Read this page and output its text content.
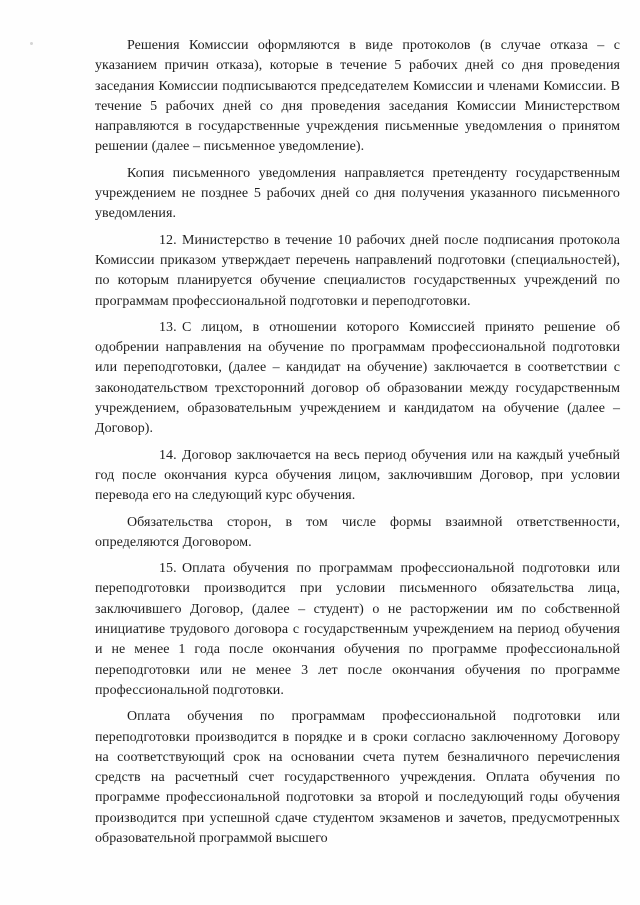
Решения Комиссии оформляются в виде протоколов (в случае отказа – с указанием причин отказа), которые в течение 5 рабочих дней со дня проведения заседания Комиссии подписываются председателем Комиссии и членами Комиссии. В течение 5 рабочих дней со дня проведения заседания Комиссии Министерством направляются в государственные учреждения письменные уведомления о принятом решении (далее – письменное уведомление).

Копия письменного уведомления направляется претенденту государственным учреждением не позднее 5 рабочих дней со дня получения указанного письменного уведомления.

12. Министерство в течение 10 рабочих дней после подписания протокола Комиссии приказом утверждает перечень направлений подготовки (специальностей), по которым планируется обучение специалистов государственных учреждений по программам профессиональной подготовки и переподготовки.

13. С лицом, в отношении которого Комиссией принято решение об одобрении направления на обучение по программам профессиональной подготовки или переподготовки, (далее – кандидат на обучение) заключается в соответствии с законодательством трехсторонний договор об образовании между государственным учреждением, образовательным учреждением и кандидатом на обучение (далее – Договор).

14. Договор заключается на весь период обучения или на каждый учебный год после окончания курса обучения лицом, заключившим Договор, при условии перевода его на следующий курс обучения.

Обязательства сторон, в том числе формы взаимной ответственности, определяются Договором.

15. Оплата обучения по программам профессиональной подготовки или переподготовки производится при условии письменного обязательства лица, заключившего Договор, (далее – студент) о не расторжении им по собственной инициативе трудового договора с государственным учреждением на период обучения и не менее 1 года после окончания обучения по программе профессиональной переподготовки или не менее 3 лет после окончания обучения по программе профессиональной подготовки.

Оплата обучения по программам профессиональной подготовки или переподготовки производится в порядке и в сроки согласно заключенному Договору на соответствующий срок на основании счета путем безналичного перечисления средств на расчетный счет государственного учреждения. Оплата обучения по программе профессиональной подготовки за второй и последующий годы обучения производится при успешной сдаче студентом экзаменов и зачетов, предусмотренных образовательной программой высшего
